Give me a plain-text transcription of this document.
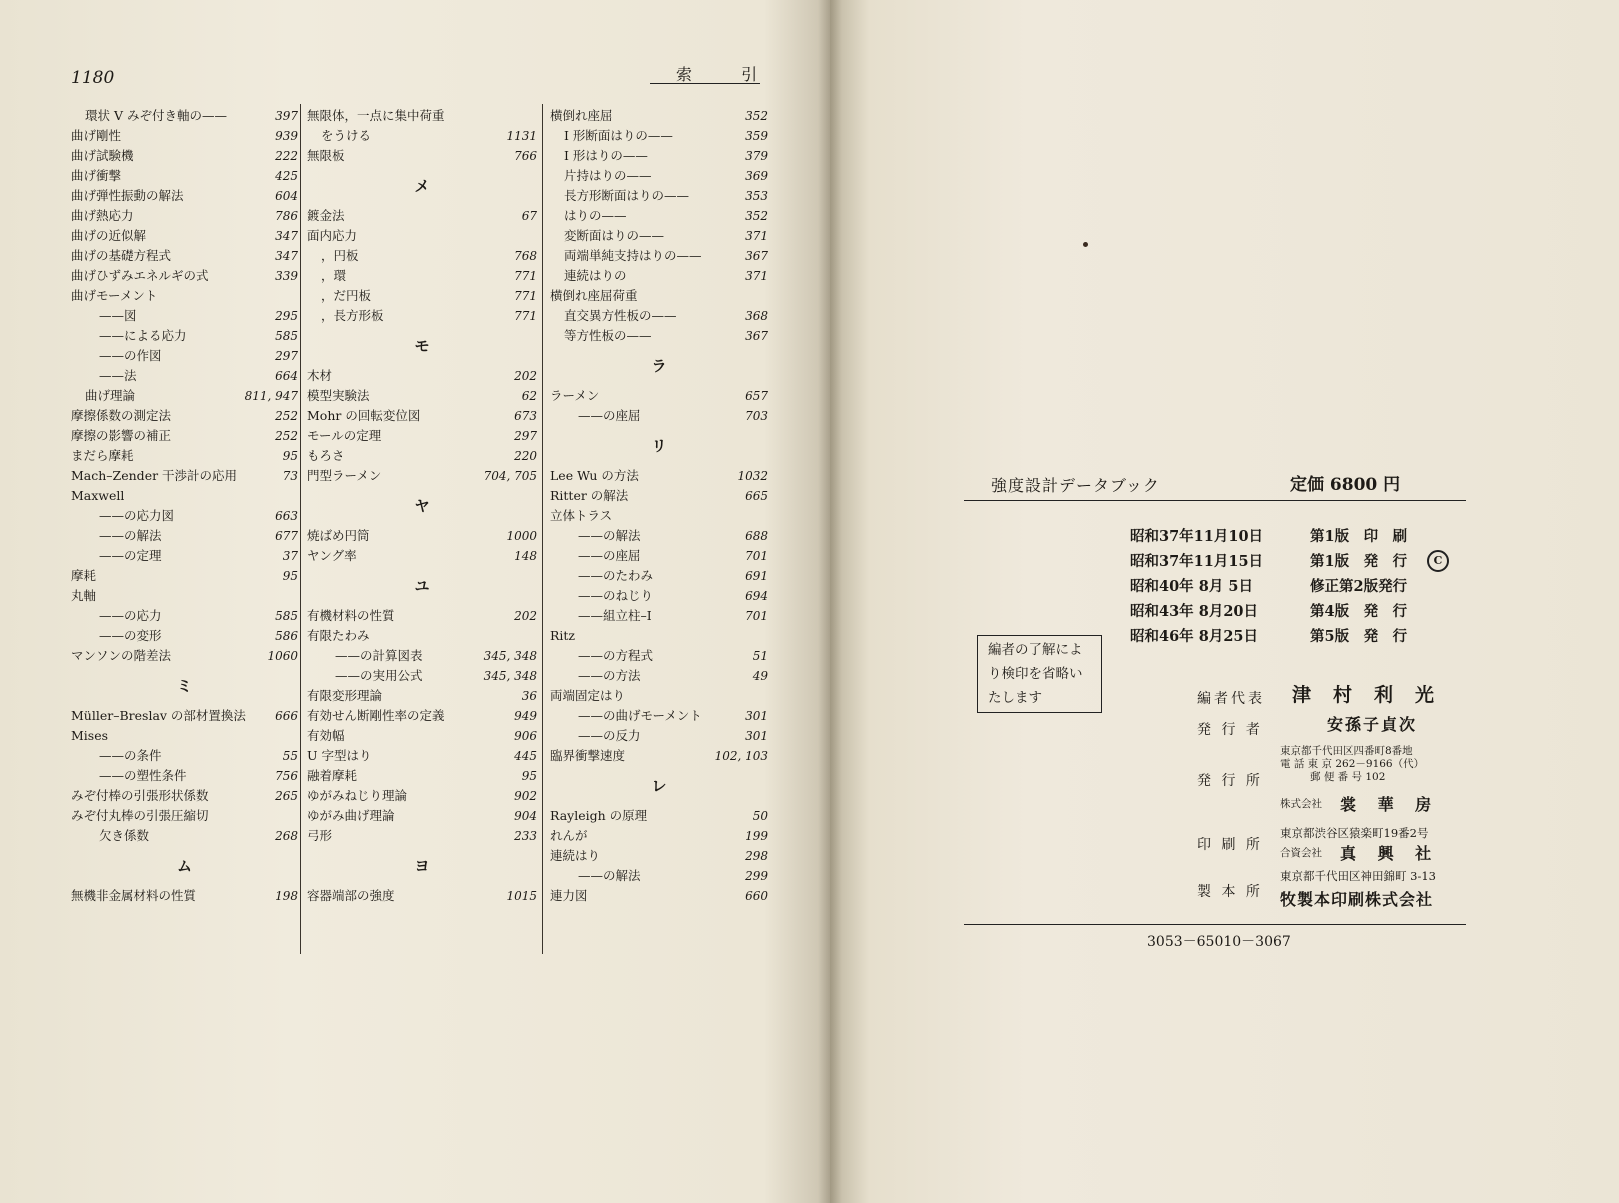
1180	索 引
環状 V みぞ付き軸の——	397
曲げ剛性	939
曲げ試験機	222
曲げ衝撃	425
曲げ弾性振動の解法	604
曲げ熱応力	786
曲げの近似解	347
曲げの基礎方程式	347
曲げひずみエネルギの式	339
曲げモーメント
——図	295
——による応力	585
——の作図	297
——法	664
曲げ理論	811, 947
摩擦係数の測定法	252
摩擦の影響の補正	252
まだら摩耗	95
Mach–Zender 干渉計の応用	73
Maxwell
——の応力図	663
——の解法	677
——の定理	37
摩耗	95
丸軸
——の応力	585
——の変形	586
マンソンの階差法	1060
ミ
Müller–Breslav の部材置換法 666
Mises
——の条件	55
——の塑性条件	756
みぞ付棒の引張形状係数	265
みぞ付丸棒の引張圧縮切
欠き係数	268
ム
無機非金属材料の性質	198
無限体，一点に集中荷重
をうける	1131
無限板	766
メ
鍍金法	67
面内応力
，円板	768
，環	771
，だ円板	771
，長方形板	771
モ
木材	202
模型実験法	62
Mohr の回転変位図	673
モールの定理	297
もろさ	220
門型ラーメン	704, 705
ヤ
焼ばめ円筒	1000
ヤング率	148
ユ
有機材料の性質	202
有限たわみ
——の計算図表	345, 348
——の実用公式	345, 348
有限変形理論	36
有効せん断剛性率の定義	949
有効幅	906
U 字型はり	445
融着摩耗	95
ゆがみねじり理論	902
ゆがみ曲げ理論	904
弓形	233
ヨ
容器端部の強度	1015
横倒れ座屈	352
I 形断面はりの——	359
I 形はりの——	379
片持はりの——	369
長方形断面はりの——	353
はりの——	352
変断面はりの——	371
両端単純支持はりの——	367
連続はりの	371
横倒れ座屈荷重
直交異方性板の——	368
等方性板の——	367
ラ
ラーメン	657
——の座屈	703
リ
Lee Wu の方法	1032
Ritter の解法	665
立体トラス
——の解法	688
——の座屈	701
——のたわみ	691
——のねじり	694
——組立柱–I	701
Ritz
——の方程式	51
——の方法	49
両端固定はり
——の曲げモーメント	301
——の反力	301
臨界衝撃速度	102, 103
レ
Rayleigh の原理	50
れんが	199
連続はり	298
——の解法	299
連力図	660
強度設計データブック	定価 6800 円
昭和37年11月10日	第1版　印　刷
昭和37年11月15日	第1版　発　行
昭和40年 8月 5日	修正第2版発行
昭和43年 8月20日	第4版　発　行
昭和46年 8月25日	第5版　発　行
C
編者の了解によ
り検印を省略い
たします	編者代表 津村利光
発 行 者	安孫子貞次
東京都千代田区四番町8番地
電 話 東 京 262－9166（代）
郵 便 番 号 102
発 行 所
株式会社 裳 華 房
東京都渋谷区猿楽町19番2号
印 刷 所 合資会社 真 興 社
東京都千代田区神田錦町 3-13
製 本 所 牧製本印刷株式会社
3053－65010－3067
